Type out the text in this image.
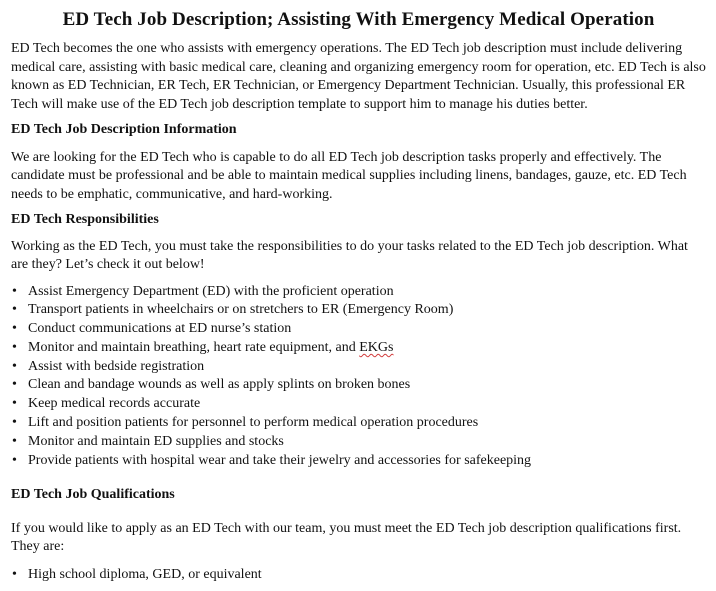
ED Tech Job Description; Assisting With Emergency Medical Operation

ED Tech becomes the one who assists with emergency operations. The ED Tech job description must include delivering medical care, assisting with basic medical care, cleaning and organizing emergency room for operation, etc. ED Tech is also known as ED Technician, ER Tech, ER Technician, or Emergency Department Technician. Usually, this professional ER Tech will make use of the ED Tech job description template to support him to manage his duties better.

ED Tech Job Description Information

We are looking for the ED Tech who is capable to do all ED Tech job description tasks properly and effectively. The candidate must be professional and be able to maintain medical supplies including linens, bandages, gauze, etc. ED Tech needs to be emphatic, communicative, and hard-working.

ED Tech Responsibilities

Working as the ED Tech, you must take the responsibilities to do your tasks related to the ED Tech job description. What are they? Let’s check it out below!

• Assist Emergency Department (ED) with the proficient operation
• Transport patients in wheelchairs or on stretchers to ER (Emergency Room)
• Conduct communications at ED nurse’s station
• Monitor and maintain breathing, heart rate equipment, and EKGs
• Assist with bedside registration
• Clean and bandage wounds as well as apply splints on broken bones
• Keep medical records accurate
• Lift and position patients for personnel to perform medical operation procedures
• Monitor and maintain ED supplies and stocks
• Provide patients with hospital wear and take their jewelry and accessories for safekeeping
ED Tech Job Qualifications

If you would like to apply as an ED Tech with our team, you must meet the ED Tech job description qualifications first. They are:

• High school diploma, GED, or equivalent
